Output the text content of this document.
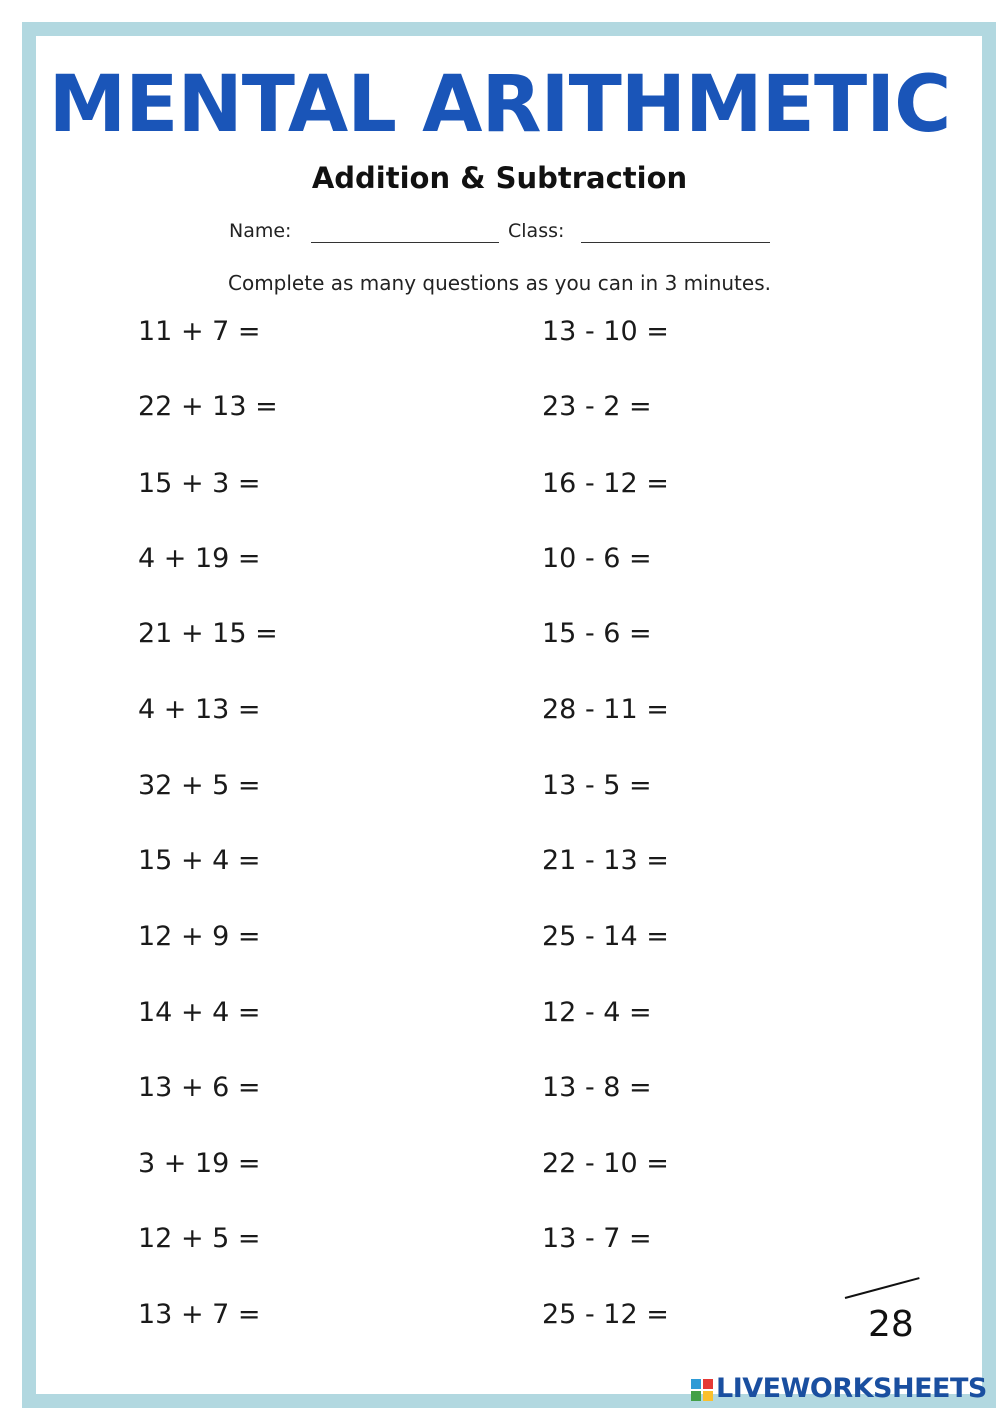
MENTAL ARITHMETIC
Addition & Subtraction
Name:	Class:
Complete as many questions as you can in 3 minutes.
11 + 7 =
22 + 13 =
15 + 3 =
4 + 19 =
21 + 15 =
4 + 13 =
32 + 5 =
15 + 4 =
12 + 9 =
14 + 4 =
13 + 6 =
3 + 19 =
12 + 5 =
13 + 7 =
13 - 10 =
23 - 2 =
16 - 12 =
10 - 6 =
15 - 6 =
28 - 11 =
13 - 5 =
21 - 13 =
25 - 14 =
12 - 4 =
13 - 8 =
22 - 10 =
13 - 7 =
25 - 12 =	28
LIVEWORKSHEETS
